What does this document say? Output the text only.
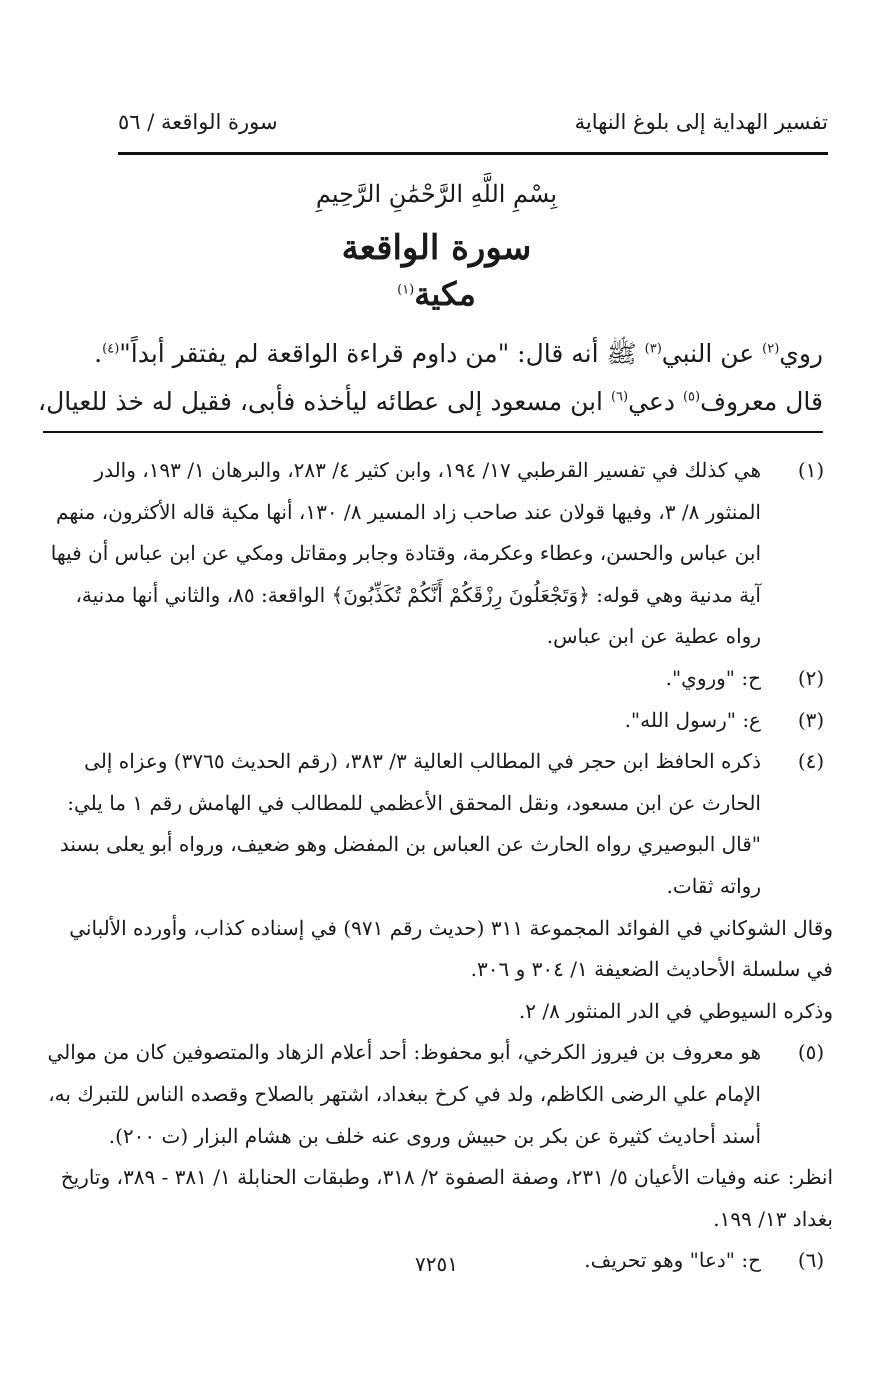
تفسير الهداية إلى بلوغ النهاية
سورة الواقعة / ٥٦
بِسْمِ اللَّهِ الرَّحْمَٰنِ الرَّحِيمِ
سورة الواقعة
مكية$^{(١)}$
روي$^{(٢)}$ عن النبي$^{(٣)}$ ﷺ أنه قال: "من داوم قراءة الواقعة لم يفتقر أبداً"$^{(٤)}$.
قال معروف$^{(٥)}$ دعي$^{(٦)}$ ابن مسعود إلى عطائه ليأخذه فأبى، فقيل له خذ للعيال،
(١)
هي كذلك في تفسير القرطبي ١٧/ ١٩٤، وابن كثير ٤/ ٢٨٣، والبرهان ١/ ١٩٣، والدر المنثور ٨/ ٣، وفيها قولان عند صاحب زاد المسير ٨/ ١٣٠، أنها مكية قاله الأكثرون، منهم ابن عباس والحسن، وعطاء وعكرمة، وقتادة وجابر ومقاتل ومكي عن ابن عباس أن فيها آية مدنية وهي قوله: ﴿وَتَجْعَلُونَ رِزْقَكُمْ أَنَّكُمْ تُكَذِّبُونَ﴾ الواقعة: ٨٥، والثاني أنها مدنية، رواه عطية عن ابن عباس.
(٢)
ح: "وروي".
(٣)
ع: "رسول الله".
(٤)
ذكره الحافظ ابن حجر في المطالب العالية ٣/ ٣٨٣، (رقم الحديث ٣٧٦٥) وعزاه إلى الحارث عن ابن مسعود، ونقل المحقق الأعظمي للمطالب في الهامش رقم ١ ما يلي: "قال البوصيري رواه الحارث عن العباس بن المفضل وهو ضعيف، ورواه أبو يعلى بسند رواته ثقات.
وقال الشوكاني في الفوائد المجموعة ٣١١ (حديث رقم ٩٧١) في إسناده كذاب، وأورده الألباني في سلسلة الأحاديث الضعيفة ١/ ٣٠٤ و ٣٠٦.
وذكره السيوطي في الدر المنثور ٨/ ٢.
(٥)
هو معروف بن فيروز الكرخي، أبو محفوظ: أحد أعلام الزهاد والمتصوفين كان من موالي الإمام علي الرضى الكاظم، ولد في كرخ ببغداد، اشتهر بالصلاح وقصده الناس للتبرك به، أسند أحاديث كثيرة عن بكر بن حبيش وروى عنه خلف بن هشام البزار (ت ٢٠٠).
انظر: عنه وفيات الأعيان ٥/ ٢٣١، وصفة الصفوة ٢/ ٣١٨، وطبقات الحنابلة ١/ ٣٨١ - ٣٨٩، وتاريخ بغداد ١٣/ ١٩٩.
(٦)
ح: "دعا" وهو تحريف.
٧٢٥١
